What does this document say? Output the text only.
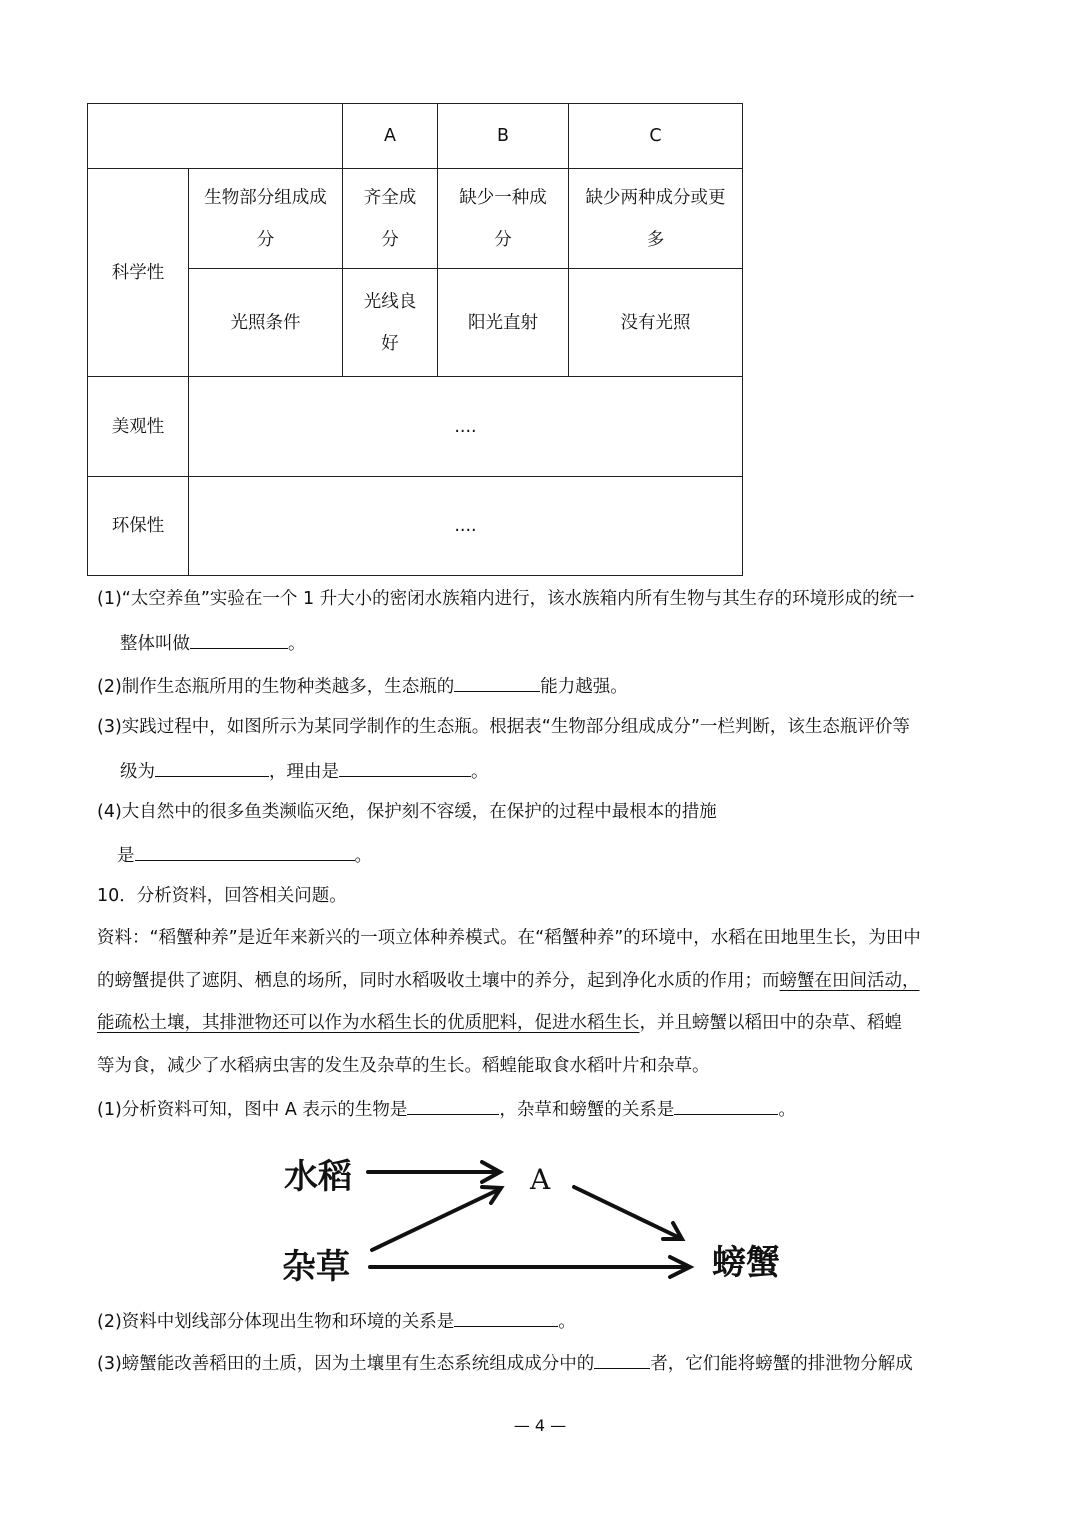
		A	B	C
科学性	生物部分组成成分	齐全成分	缺少一种成分	缺少两种成分或更多
	光照条件	光线良好	阳光直射	没有光照
美观性	....			
环保性	....			
(1)“太空养鱼”实验在一个 1 升大小的密闭水族箱内进行，该水族箱内所有生物与其生存的环境形成的统一
整体叫做	。
(2)制作生态瓶所用的生物种类越多，生态瓶的	能力越强。
(3)实践过程中，如图所示为某同学制作的生态瓶。根据表“生物部分组成成分”一栏判断，该生态瓶评价等
级为	，理由是	。
(4)大自然中的很多鱼类濒临灭绝，保护刻不容缓，在保护的过程中最根本的措施
是	。
10．分析资料，回答相关问题。
资料：“稻蟹种养”是近年来新兴的一项立体种养模式。在“稻蟹种养”的环境中，水稻在田地里生长，为田中
的螃蟹提供了遮阴、栖息的场所，同时水稻吸收土壤中的养分，起到净化水质的作用；而螃蟹在田间活动，
能疏松土壤，其排泄物还可以作为水稻生长的优质肥料，促进水稻生长，并且螃蟹以稻田中的杂草、稻蝗
等为食，减少了水稻病虫害的发生及杂草的生长。稻蝗能取食水稻叶片和杂草。
(1)分析资料可知，图中 A 表示的生物是	，杂草和螃蟹的关系是	。
水稻	A
杂草	螃蟹
(2)资料中划线部分体现出生物和环境的关系是	。
(3)螃蟹能改善稻田的土质，因为土壤里有生态系统组成成分中的	者，它们能将螃蟹的排泄物分解成
— 4 —
